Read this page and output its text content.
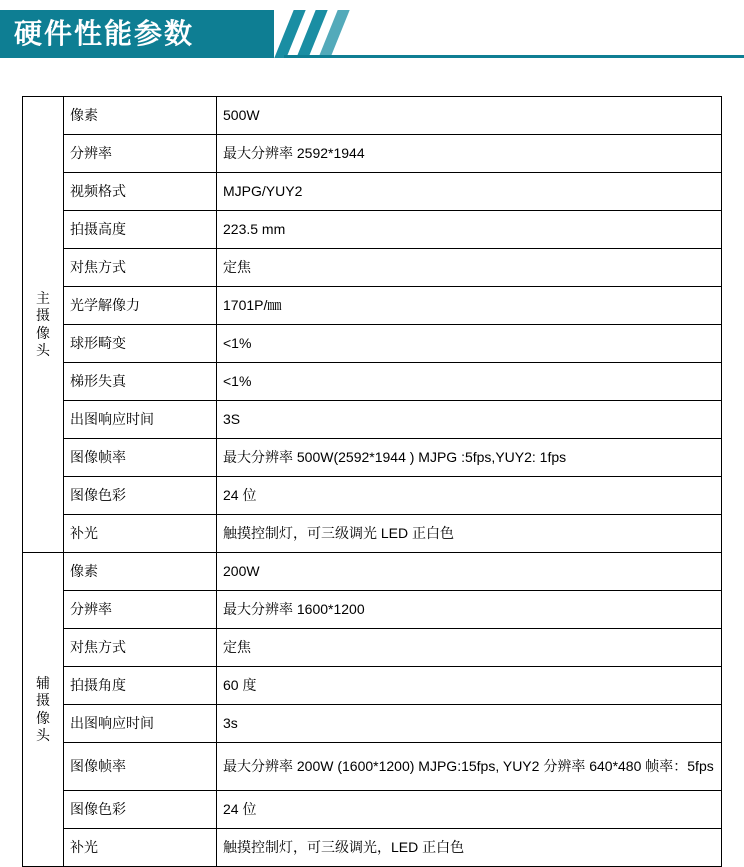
硬件性能参数
主摄像头	像素	500W
	分辨率	最大分辨率 2592*1944
	视频格式	MJPG/YUY2
	拍摄高度	223.5 mm
	对焦方式	定焦
	光学解像力	1701P/㎜
	球形畸变	<1%
	梯形失真	<1%
	出图响应时间	3S
	图像帧率	最大分辨率 500W(2592*1944 ) MJPG :5fps,YUY2: 1fps
	图像色彩	24 位
	补光	触摸控制灯，可三级调光 LED 正白色

辅摄像头	像素	200W
	分辨率	最大分辨率 1600*1200
	对焦方式	定焦
	拍摄角度	60 度
	出图响应时间	3s
	图像帧率	最大分辨率 200W (1600*1200) MJPG:15fps, YUY2 分辨率 640*480 帧率：5fps
	图像色彩	24 位
	补光	触摸控制灯，可三级调光，LED 正白色
